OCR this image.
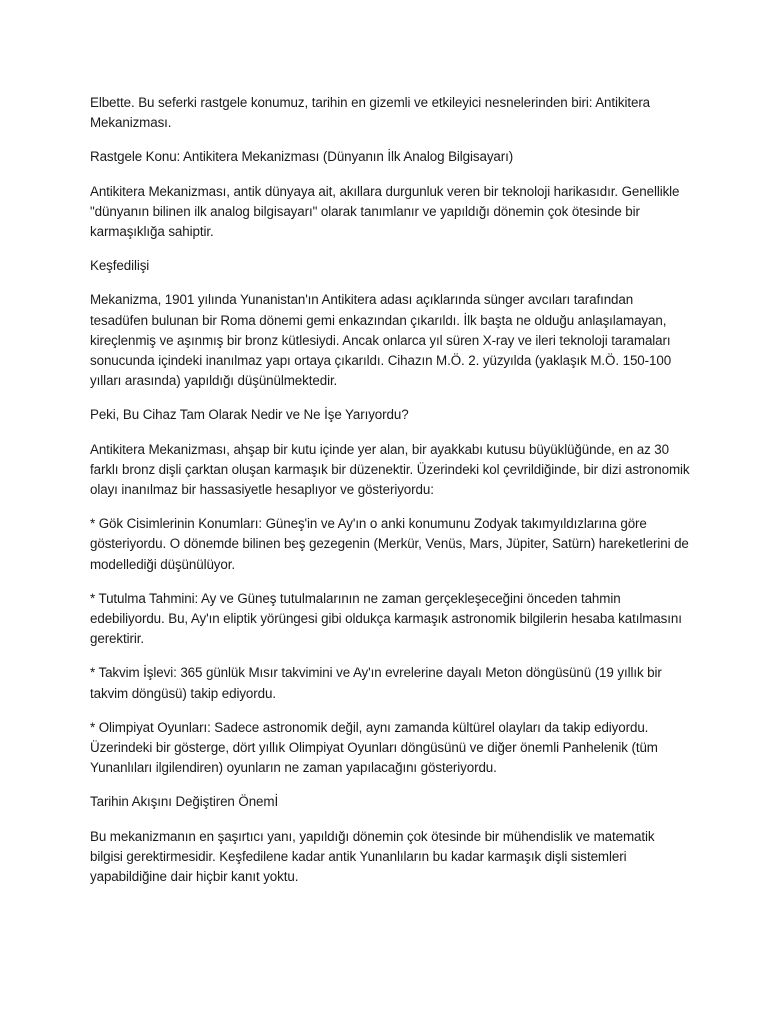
Elbette. Bu seferki rastgele konumuz, tarihin en gizemli ve etkileyici nesnelerinden biri: Antikitera Mekanizması.

Rastgele Konu: Antikitera Mekanizması (Dünyanın İlk Analog Bilgisayarı)

Antikitera Mekanizması, antik dünyaya ait, akıllara durgunluk veren bir teknoloji harikasıdır. Genellikle "dünyanın bilinen ilk analog bilgisayarı" olarak tanımlanır ve yapıldığı dönemin çok ötesinde bir karmaşıklığa sahiptir.

Keşfedilişi

Mekanizma, 1901 yılında Yunanistan'ın Antikitera adası açıklarında sünger avcıları tarafından tesadüfen bulunan bir Roma dönemi gemi enkazından çıkarıldı. İlk başta ne olduğu anlaşılamayan, kireçlenmiş ve aşınmış bir bronz kütlesiydi. Ancak onlarca yıl süren X-ray ve ileri teknoloji taramaları sonucunda içindeki inanılmaz yapı ortaya çıkarıldı. Cihazın M.Ö. 2. yüzyılda (yaklaşık M.Ö. 150-100 yılları arasında) yapıldığı düşünülmektedir.

Peki, Bu Cihaz Tam Olarak Nedir ve Ne İşe Yarıyordu?

Antikitera Mekanizması, ahşap bir kutu içinde yer alan, bir ayakkabı kutusu büyüklüğünde, en az 30 farklı bronz dişli çarktan oluşan karmaşık bir düzenektir. Üzerindeki kol çevrildiğinde, bir dizi astronomik olayı inanılmaz bir hassasiyetle hesaplıyor ve gösteriyordu:

* Gök Cisimlerinin Konumları: Güneş'in ve Ay'ın o anki konumunu Zodyak takımyıldızlarına göre gösteriyordu. O dönemde bilinen beş gezegenin (Merkür, Venüs, Mars, Jüpiter, Satürn) hareketlerini de modellediği düşünülüyor.

* Tutulma Tahmini: Ay ve Güneş tutulmalarının ne zaman gerçekleşeceğini önceden tahmin edebiliyordu. Bu, Ay'ın eliptik yörüngesi gibi oldukça karmaşık astronomik bilgilerin hesaba katılmasını gerektirir.

* Takvim İşlevi: 365 günlük Mısır takvimini ve Ay'ın evrelerine dayalı Meton döngüsünü (19 yıllık bir takvim döngüsü) takip ediyordu.

* Olimpiyat Oyunları: Sadece astronomik değil, aynı zamanda kültürel olayları da takip ediyordu. Üzerindeki bir gösterge, dört yıllık Olimpiyat Oyunları döngüsünü ve diğer önemli Panhelenik (tüm Yunanlıları ilgilendiren) oyunların ne zaman yapılacağını gösteriyordu.

Tarihin Akışını Değiştiren Önemİ

Bu mekanizmanın en şaşırtıcı yanı, yapıldığı dönemin çok ötesinde bir mühendislik ve matematik bilgisi gerektirmesidir. Keşfedilene kadar antik Yunanlıların bu kadar karmaşık dişli sistemleri yapabildiğine dair hiçbir kanıt yoktu.
